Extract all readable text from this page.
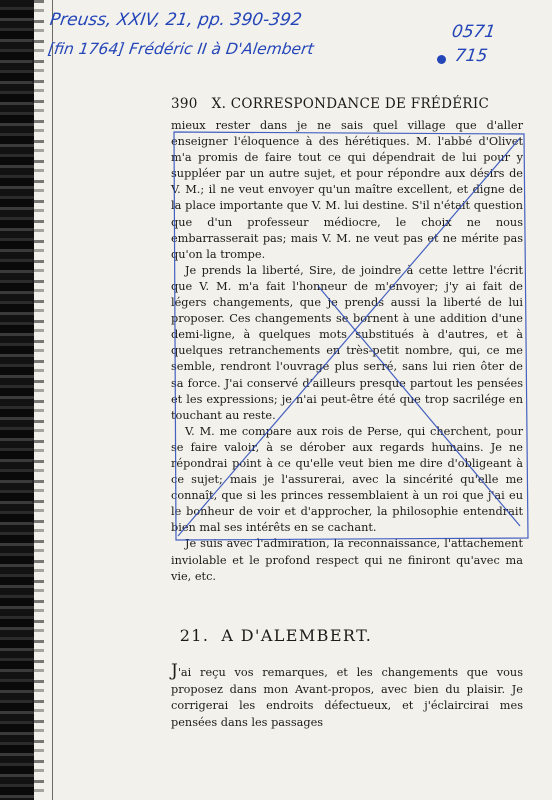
Preuss, XXIV, 21, pp. 390-392
[fin 1764] Frédéric II à D'Alembert
0571
715
390 X. CORRESPONDANCE DE FRÉDÉRIC

mieux rester dans je ne sais quel village que d'aller enseigner l'éloquence à des hérétiques. M. l'abbé d'Olivet m'a promis de faire tout ce qui dépendrait de lui pour y suppléer par un autre sujet, et pour répondre aux désirs de V. M.; il ne veut envoyer qu'un maître excellent, et digne de la place importante que V. M. lui destine. S'il n'était question que d'un professeur médiocre, le choix ne nous embarrasserait pas; mais V. M. ne veut pas et ne mérite pas qu'on la trompe.

Je prends la liberté, Sire, de joindre à cette lettre l'écrit que V. M. m'a fait l'honneur de m'envoyer; j'y ai fait de légers changements, que je prends aussi la liberté de lui proposer. Ces changements se bornent à une addition d'une demi-ligne, à quelques mots substitués à d'autres, et à quelques retranchements en très-petit nombre, qui, ce me semble, rendront l'ouvrage plus serré, sans lui rien ôter de sa force. J'ai conservé d'ailleurs presque partout les pensées et les expressions; je n'ai peut-être été que trop sacrilége en touchant au reste.

V. M. me compare aux rois de Perse, qui cherchent, pour se faire valoir, à se dérober aux regards humains. Je ne répondrai point à ce qu'elle veut bien me dire d'obligeant à ce sujet; mais je l'assurerai, avec la sincérité qu'elle me connaît, que si les princes ressemblaient à un roi que j'ai eu le bonheur de voir et d'approcher, la philosophie entendrait bien mal ses intérêts en se cachant.

Je suis avec l'admiration, la reconnaissance, l'attachement inviolable et le profond respect qui ne finiront qu'avec ma vie, etc.

21. A D'ALEMBERT.

J'ai reçu vos remarques, et les changements que vous proposez dans mon Avant-propos, avec bien du plaisir. Je corrigerai les endroits défectueux, et j'éclaircirai mes pensées dans les passages
